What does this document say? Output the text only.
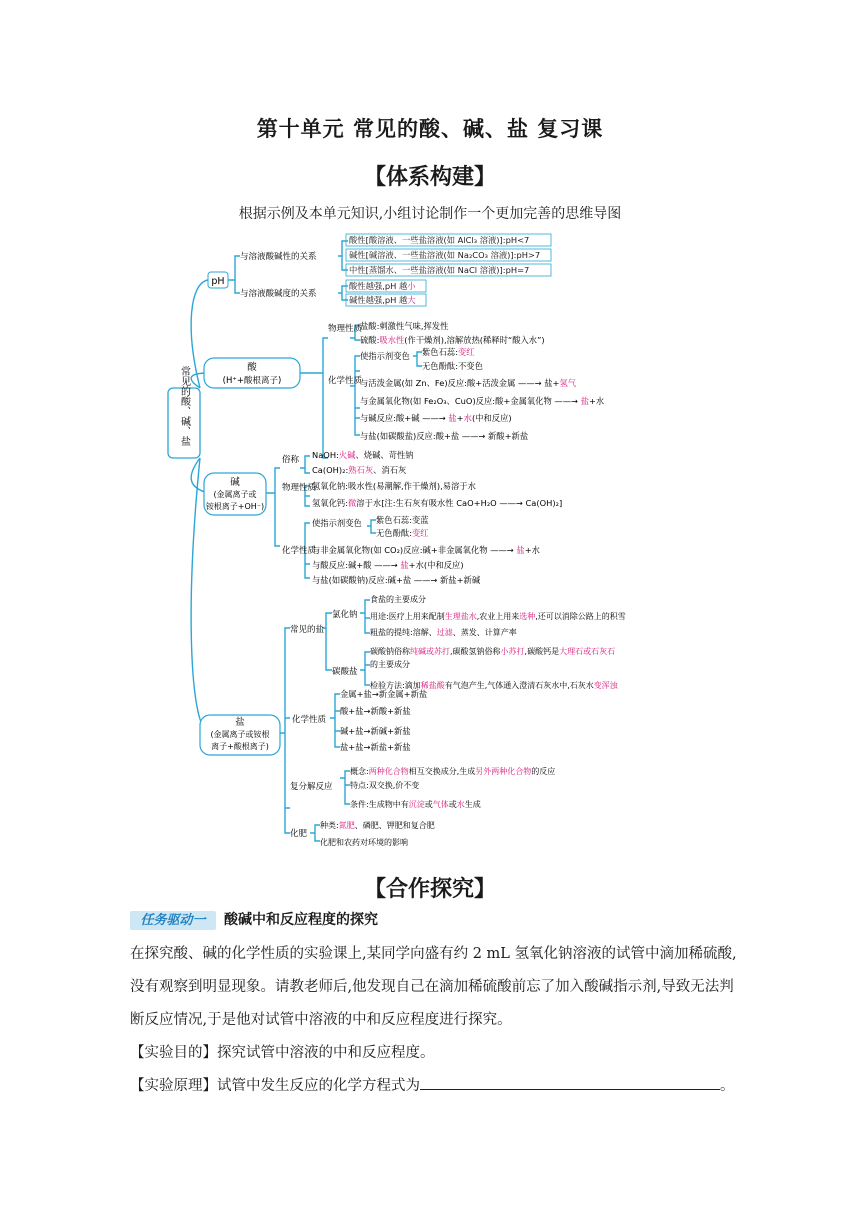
第十单元 常见的酸、碱、盐 复习课
【体系构建】
根据示例及本单元知识,小组讨论制作一个更加完善的思维导图
常见的酸、碱、盐
pH
与溶液酸碱性的关系
与溶液酸碱度的关系
酸性[酸溶液、一些盐溶液(如 AlCl₃ 溶液)]:pH<7
碱性[碱溶液、一些盐溶液(如 Na₂CO₃ 溶液)]:pH>7
中性[蒸馏水、一些盐溶液(如 NaCl 溶液)]:pH=7
酸性越强,pH 越小
碱性越强,pH 越大
酸
(H⁺+酸根离子)
物理性质
化学性质
盐酸:刺激性气味,挥发性
硫酸:吸水性(作干燥剂),溶解放热(稀释时“酸入水”)
使指示剂变色 紫色石蕊:变红
无色酚酞:不变色
与活泼金属(如 Zn、Fe)反应:酸+活泼金属 ——→ 盐+氢气
与金属氧化物(如 Fe₂O₃、CuO)反应:酸+金属氧化物 ——→ 盐+水
与碱反应:酸+碱 ——→ 盐+水(中和反应)
与盐(如碳酸盐)反应:酸+盐 ——→ 新酸+新盐
碱
(金属离子或
铵根离子+OH⁻)
俗称
物理性质
化学性质
NaOH:火碱、烧碱、苛性钠
Ca(OH)₂:熟石灰、消石灰
氢氧化钠:吸水性(易潮解,作干燥剂),易溶于水
氢氧化钙:微溶于水[注:生石灰有吸水性 CaO+H₂O ——→ Ca(OH)₂]
使指示剂变色 紫色石蕊:变蓝
无色酚酞:变红
与非金属氧化物(如 CO₂)反应:碱+非金属氧化物 ——→ 盐+水
与酸反应:碱+酸 ——→ 盐+水(中和反应)
与盐(如碳酸钠)反应:碱+盐 ——→ 新盐+新碱
盐
(金属离子或铵根
离子+酸根离子)
常见的盐
氯化钠
碳酸盐
食盐的主要成分
用途:医疗上用来配制生理盐水,农业上用来选种,还可以消除公路上的积雪
粗盐的提纯:溶解、过滤、蒸发、计算产率
碳酸钠俗称纯碱或苏打,碳酸氢钠俗称小苏打,碳酸钙是大理石或石灰石
的主要成分
检验方法:滴加稀盐酸有气泡产生,气体通入澄清石灰水中,石灰水变浑浊
化学性质
金属+盐→新金属+新盐
酸+盐→新酸+新盐
碱+盐→新碱+新盐
盐+盐→新盐+新盐
复分解反应
概念:两种化合物相互交换成分,生成另外两种化合物的反应
特点:双交换,价不变
条件:生成物中有沉淀或气体或水生成
化肥
种类:氮肥、磷肥、钾肥和复合肥
化肥和农药对环境的影响
【合作探究】
任务驱动一	酸碱中和反应程度的探究

在探究酸、碱的化学性质的实验课上,某同学向盛有约 2 mL 氢氧化钠溶液的试管中滴加稀硫酸,没有观察到明显现象。请教老师后,他发现自己在滴加稀硫酸前忘了加入酸碱指示剂,导致无法判断反应情况,于是他对试管中溶液的中和反应程度进行探究。

【实验目的】探究试管中溶液的中和反应程度。

【实验原理】试管中发生反应的化学方程式为	。
